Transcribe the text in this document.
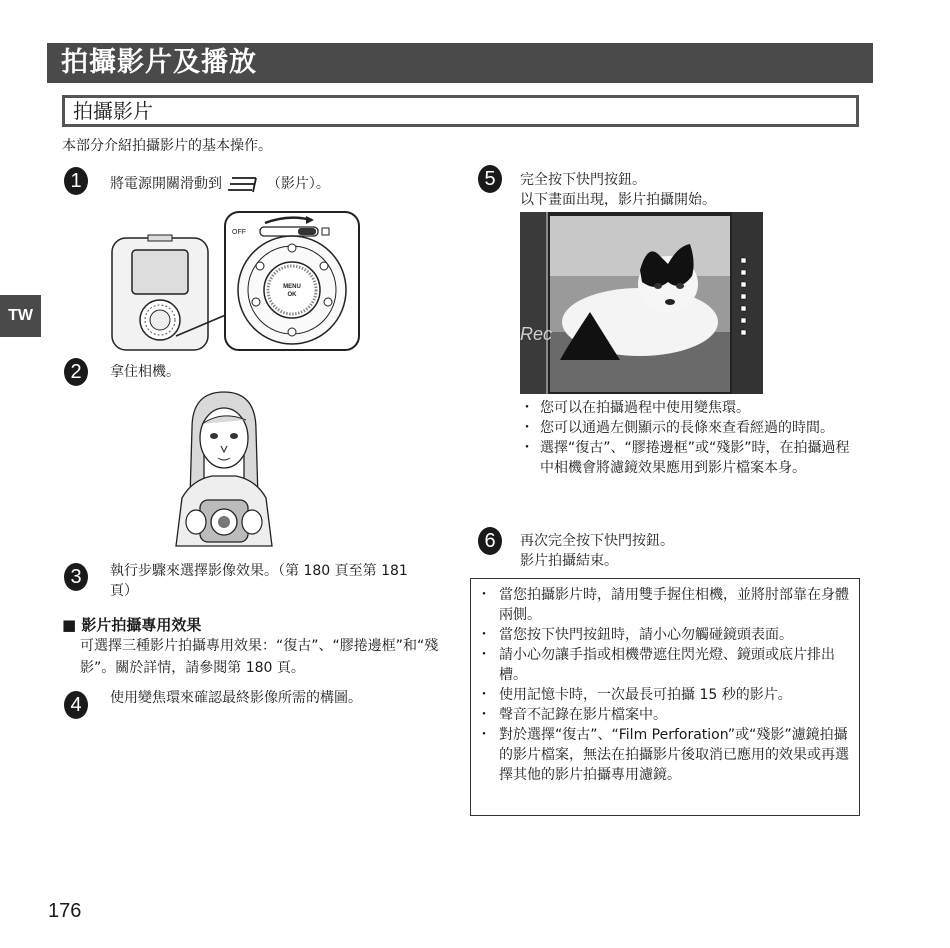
拍攝影片及播放
拍攝影片
本部分介紹拍攝影片的基本操作。
TW
1	將電源開關滑動到	（影片）。
OFF
MENU
OK
2	拿住相機。
3	執行步驟來選擇影像效果。（第 180 頁至第 181 頁）
■ 影片拍攝專用效果
可選擇三種影片拍攝專用效果：“復古”、“膠捲邊框”和“殘影”。關於詳情，請參閱第 180 頁。
4	使用變焦環來確認最終影像所需的構圖。
5	完全按下快門按鈕。
以下畫面出現，影片拍攝開始。
Rec
・ 您可以在拍攝過程中使用變焦環。
・ 您可以通過左側顯示的長條來查看經過的時間。
・ 選擇“復古”、“膠捲邊框”或“殘影”時，在拍攝過程中相機會將濾鏡效果應用到影片檔案本身。
6	再次完全按下快門按鈕。
影片拍攝結束。
・ 當您拍攝影片時，請用雙手握住相機，並將肘部靠在身體兩側。
・ 當您按下快門按鈕時，請小心勿觸碰鏡頭表面。
・ 請小心勿讓手指或相機帶遮住閃光燈、鏡頭或底片排出槽。
・ 使用記憶卡時，一次最長可拍攝 15 秒的影片。
・ 聲音不記錄在影片檔案中。
・ 對於選擇“復古”、“Film Perforation”或“殘影”濾鏡拍攝的影片檔案，無法在拍攝影片後取消已應用的效果或再選擇其他的影片拍攝專用濾鏡。
176
